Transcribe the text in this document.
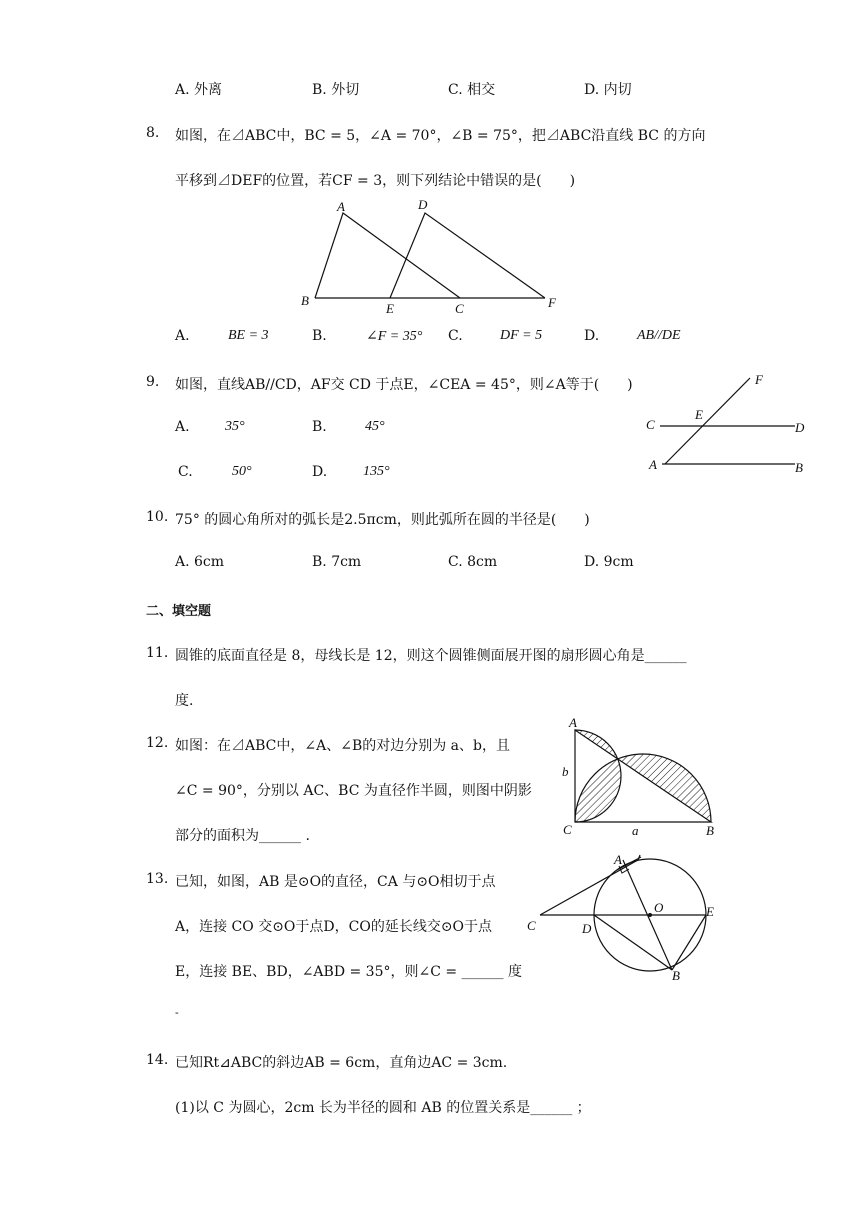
A. 外离	B. 外切	C. 相交	D. 内切
8. 如图，在⊿ABC中，BC = 5，∠A = 70°，∠B = 75°，把⊿ABC沿直线 BC 的方向
平移到⊿DEF的位置，若CF = 3，则下列结论中错误的是(　　)
A	D
B
E	C	F
A.	BE = 3	B.	∠F = 35° C.	DF = 5	D.	AB//DE
9. 如图，直线AB//CD，AF交 CD 于点E，∠CEA = 45°，则∠A等于(　　)
A.	35°	B.	45°
C.	50°	D.	135°
F
C
E
D
A	B
10. 75° 的圆心角所对的弧长是2.5πcm，则此弧所在圆的半径是(　　)
A. 6cm	B. 7cm	C. 8cm	D. 9cm
二、填空题
11. 圆锥的底面直径是 8，母线长是 12，则这个圆锥侧面展开图的扇形圆心角是______
度.
12. 如图：在⊿ABC中，∠A、∠B的对边分别为 a、b，且
∠C = 90°，分别以 AC、BC 为直径作半圆，则图中阴影
部分的面积为______ .
A
b
C	a	B
13. 已知，如图，AB 是⊙O的直径，CA 与⊙O相切于点
A，连接 CO 交⊙O于点D，CO的延长线交⊙O于点
E，连接 BE、BD，∠ABD = 35°，则∠C = ______ 度
-
A
O	E
C	D
B
14. 已知Rt⊿ABC的斜边AB = 6cm，直角边AC = 3cm.
(1)以 C 为圆心，2cm 长为半径的圆和 AB 的位置关系是______ ；
